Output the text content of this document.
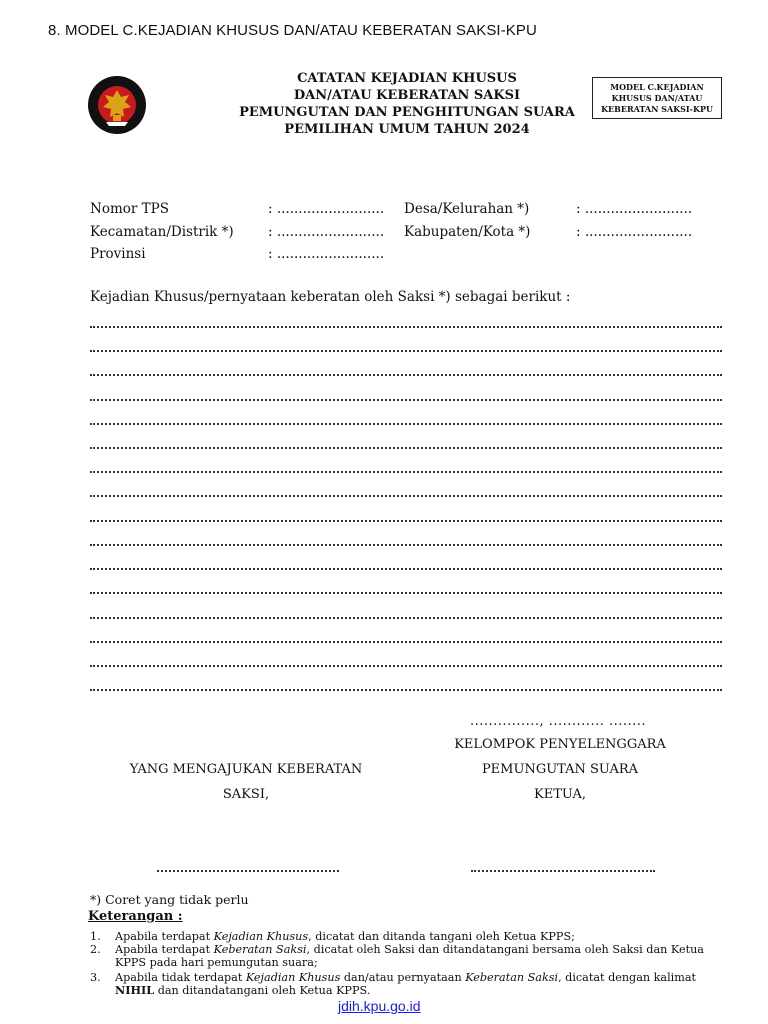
8. MODEL C.KEJADIAN KHUSUS DAN/ATAU KEBERATAN SAKSI-KPU
CATATAN KEJADIAN KHUSUS
DAN/ATAU KEBERATAN SAKSI
PEMUNGUTAN DAN PENGHITUNGAN SUARA
PEMILIHAN UMUM TAHUN 2024
MODEL C.KEJADIAN
KHUSUS DAN/ATAU
KEBERATAN SAKSI-KPU
Nomor TPS	: ......................... Desa/Kelurahan *)	: .........................
Kecamatan/Distrik *)	: ......................... Kabupaten/Kota *)	: .........................
Provinsi	: .........................
Kejadian Khusus/pernyataan keberatan oleh Saksi *) sebagai berikut :
..............., ............ ........
KELOMPOK PENYELENGGARA
PEMUNGUTAN SUARA
KETUA,
YANG MENGAJUKAN KEBERATAN
SAKSI,
*) Coret yang tidak perlu
Keterangan :
1.	Apabila terdapat Kejadian Khusus, dicatat dan ditanda tangani oleh Ketua KPPS;
2.	Apabila terdapat Keberatan Saksi, dicatat oleh Saksi dan ditandatangani bersama oleh Saksi dan Ketua KPPS pada hari pemungutan suara;
3.	Apabila tidak terdapat Kejadian Khusus dan/atau pernyataan Keberatan Saksi, dicatat dengan kalimat NIHIL dan ditandatangani oleh Ketua KPPS.
jdih.kpu.go.id
